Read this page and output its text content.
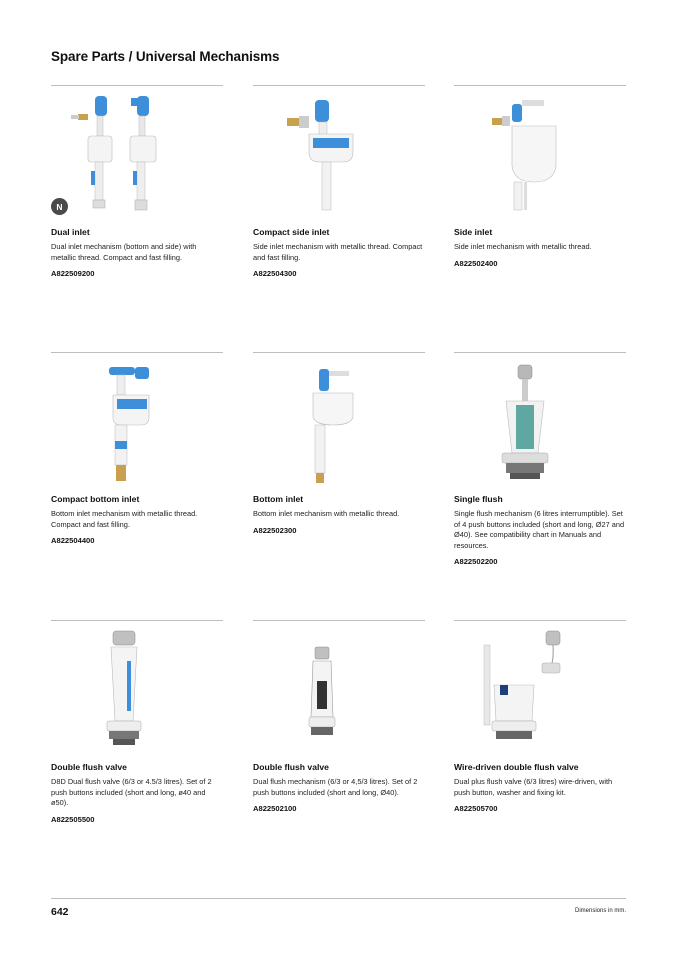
Spare Parts / Universal Mechanisms
N
Dual inlet
Dual inlet mechanism (bottom and side) with metallic thread. Compact and fast filling.
A822509200
Compact side inlet
Side inlet mechanism with metallic thread. Compact and fast filling.
A822504300
Side inlet
Side inlet mechanism with metallic thread.
A822502400
Compact bottom inlet
Bottom inlet mechanism with metallic thread. Compact and fast filling.
A822504400
Bottom inlet
Bottom inlet mechanism with metallic thread.
A822502300
Single flush
Single flush mechanism (6 litres interrumptible). Set of 4 push buttons included (short and long, Ø27 and Ø40). See compatibility chart in Manuals and resources.
A822502200
Double flush valve
D8D Dual flush valve (6/3 or 4.5/3 litres). Set of 2 push buttons included (short and long, ø40 and ø50).
A822505500
Double flush valve
Dual flush mechanism (6/3 or 4,5/3 litres). Set of 2 push buttons included (short and long, Ø40).
A822502100
Wire-driven double flush valve
Dual plus flush valve (6/3 litres) wire-driven, with push button, washer and fixing kit.
A822505700
642	Dimensions in mm.
